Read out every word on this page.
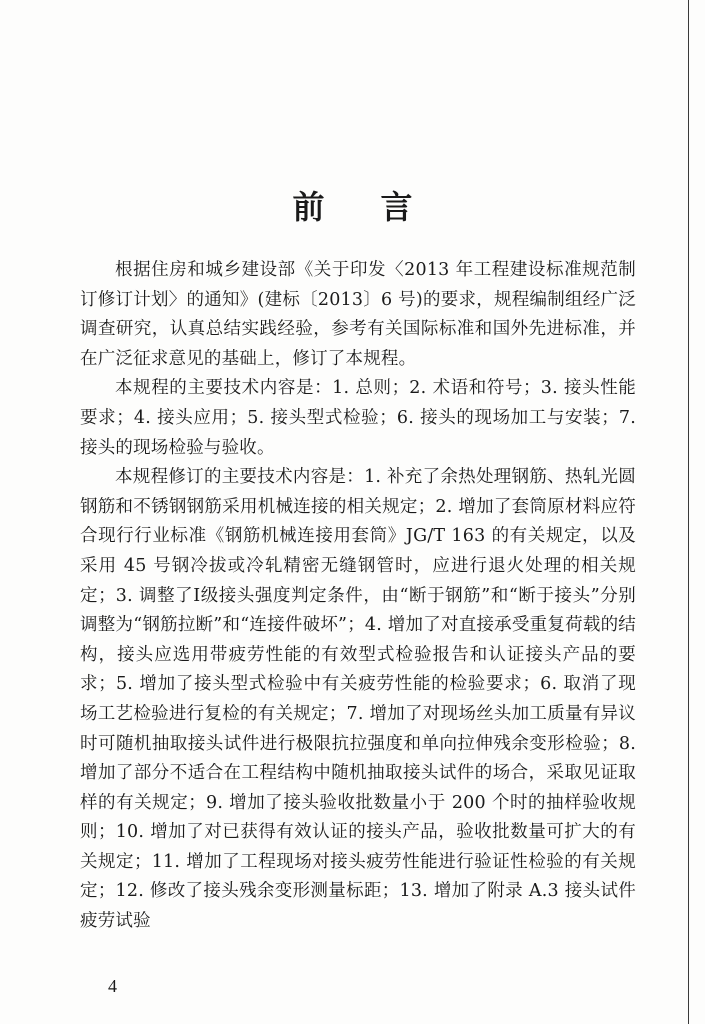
前言

根据住房和城乡建设部《关于印发〈2013 年工程建设标准规范制订修订计划〉的通知》(建标〔2013〕6 号)的要求，规程编制组经广泛调查研究，认真总结实践经验，参考有关国际标准和国外先进标准，并在广泛征求意见的基础上，修订了本规程。

本规程的主要技术内容是：1. 总则；2. 术语和符号；3. 接头性能要求；4. 接头应用；5. 接头型式检验；6. 接头的现场加工与安装；7. 接头的现场检验与验收。

本规程修订的主要技术内容是：1. 补充了余热处理钢筋、热轧光圆钢筋和不锈钢钢筋采用机械连接的相关规定；2. 增加了套筒原材料应符合现行行业标准《钢筋机械连接用套筒》JG/T 163 的有关规定，以及采用 45 号钢冷拔或冷轧精密无缝钢管时，应进行退火处理的相关规定；3. 调整了Ⅰ级接头强度判定条件，由“断于钢筋”和“断于接头”分别调整为“钢筋拉断”和“连接件破坏”；4. 增加了对直接承受重复荷载的结构，接头应选用带疲劳性能的有效型式检验报告和认证接头产品的要求；5. 增加了接头型式检验中有关疲劳性能的检验要求；6. 取消了现场工艺检验进行复检的有关规定；7. 增加了对现场丝头加工质量有异议时可随机抽取接头试件进行极限抗拉强度和单向拉伸残余变形检验；8. 增加了部分不适合在工程结构中随机抽取接头试件的场合，采取见证取样的有关规定；9. 增加了接头验收批数量小于 200 个时的抽样验收规则；10. 增加了对已获得有效认证的接头产品，验收批数量可扩大的有关规定；11. 增加了工程现场对接头疲劳性能进行验证性检验的有关规定；12. 修改了接头残余变形测量标距；13. 增加了附录 A.3 接头试件疲劳试验

4
